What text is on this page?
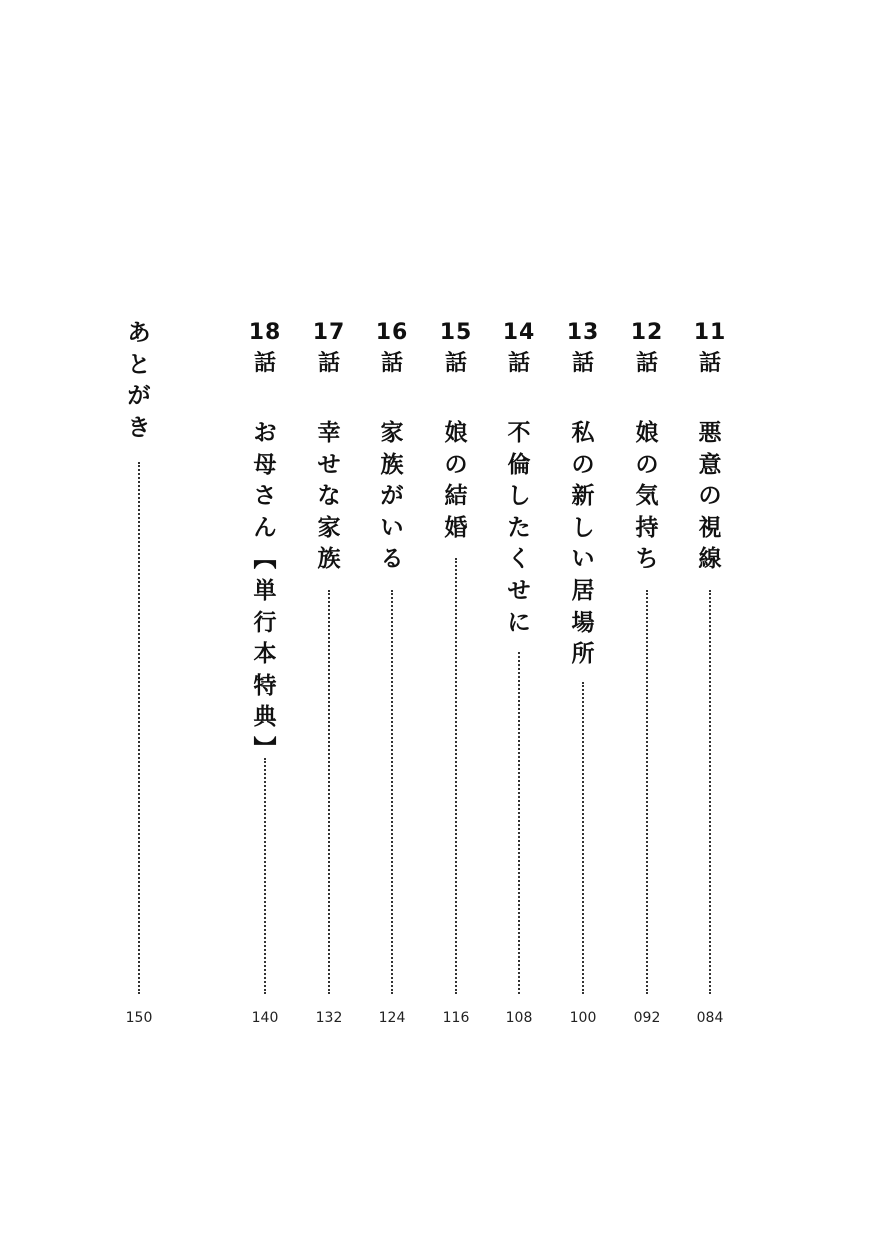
11
話
悪
意
の
視
線
084
12
話
娘
の
気
持
ち
092
13
話
私
の
新
し
い
居
場
所
100
14
話
不
倫
し
た
く
せ
に
108
15
話
娘
の
結
婚
116
16
話
家
族
が
い
る
124
17
話
幸
せ
な
家
族
132
18
話
お
母
さ
ん
︻
単
行
本
特
典
︼
140
あ
と
が
き
150
